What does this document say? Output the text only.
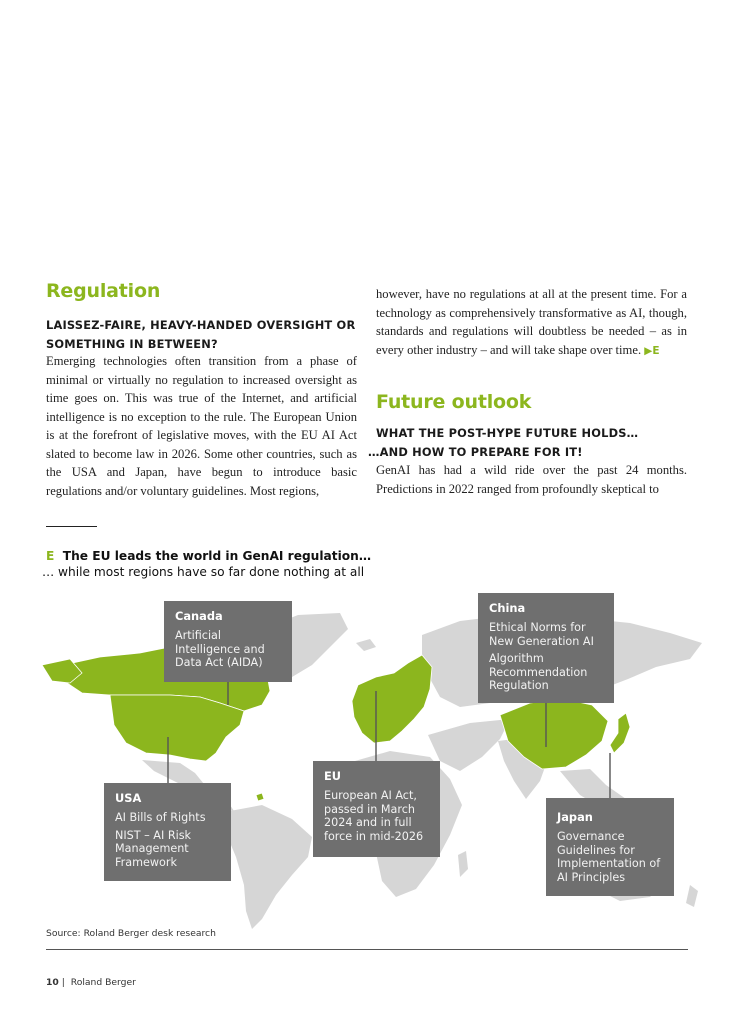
Regulation
LAISSEZ-FAIRE, HEAVY-HANDED OVERSIGHT OR
SOMETHING IN BETWEEN?
Emerging technologies often transition from a phase of minimal or virtually no regulation to increased oversight as time goes on. This was true of the Internet, and artificial intelligence is no exception to the rule. The European Union is at the forefront of legislative moves, with the EU AI Act slated to become law in 2026. Some other countries, such as the USA and Japan, have begun to introduce basic regulations and/or voluntary guidelines. Most regions,
however, have no regulations at all at the present time. For a technology as comprehensively transformative as AI, though, standards and regulations will doubtless be needed – as in every other industry – and will take shape over time. ▶E
Future outlook
WHAT THE POST-HYPE FUTURE HOLDS…
…AND HOW TO PREPARE FOR IT!
GenAI has had a wild ride over the past 24 months. Predictions in 2022 ranged from profoundly skeptical to
E The EU leads the world in GenAI regulation…
… while most regions have so far done nothing at all
Canada
Artificial Intelligence and Data Act (AIDA)
China
Ethical Norms for New Generation AI
Algorithm Recommendation Regulation
USA
AI Bills of Rights
NIST – AI Risk Management Framework
EU
European AI Act, passed in March 2024 and in full force in mid-2026
Japan
Governance Guidelines for Implementation of AI Principles
Source: Roland Berger desk research
10 | Roland Berger
